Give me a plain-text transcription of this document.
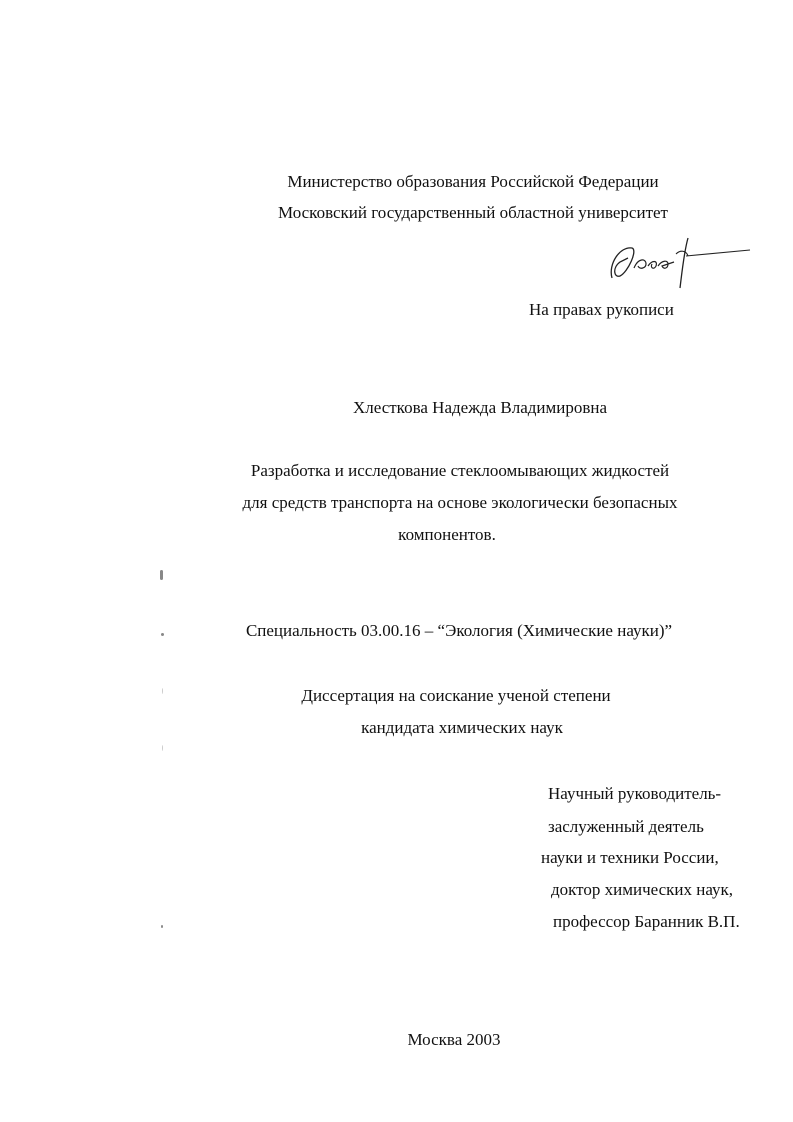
Министерство образования Российской Федерации
Московский государственный областной университет
На правах рукописи
Хлесткова Надежда Владимировна
Разработка и исследование стеклоомывающих жидкостей
для средств транспорта на основе экологически безопасных
компонентов.
Специальность 03.00.16 – “Экология (Химические науки)”
Диссертация на соискание ученой степени
кандидата химических наук
Научный руководитель-
заслуженный деятель
науки и техники России,
доктор химических наук,
профессор Баранник В.П.
Москва 2003
